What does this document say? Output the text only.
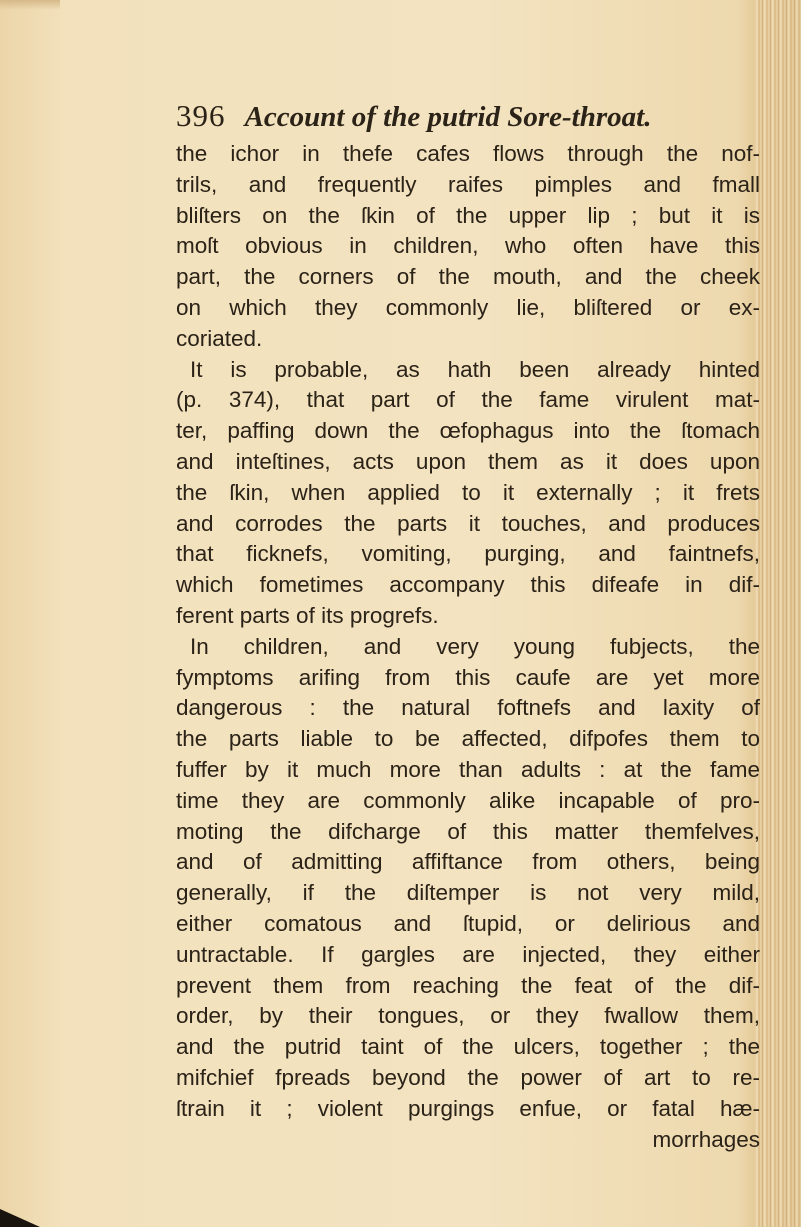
396 Account of the putrid Sore-throat.
the ichor in thefe cafes flows through the nof-
trils, and frequently raifes pimples and fmall
bliſters on the ſkin of the upper lip ; but it is
moſt obvious in children, who often have this
part, the corners of the mouth, and the cheek
on which they commonly lie, bliſtered or ex-
coriated.
It is probable, as hath been already hinted
(p. 374), that part of the fame virulent mat-
ter, paffing down the œfophagus into the ſtomach
and inteſtines, acts upon them as it does upon
the ſkin, when applied to it externally ; it frets
and corrodes the parts it touches, and produces
that ficknefs, vomiting, purging, and faintnefs,
which fometimes accompany this difeafe in dif-
ferent parts of its progrefs.
In children, and very young fubjects, the
fymptoms arifing from this caufe are yet more
dangerous : the natural foftnefs and laxity of
the parts liable to be affected, difpofes them to
fuffer by it much more than adults : at the fame
time they are commonly alike incapable of pro-
moting the difcharge of this matter themfelves,
and of admitting affiftance from others, being
generally, if the diſtemper is not very mild,
either comatous and ſtupid, or delirious and
untractable. If gargles are injected, they either
prevent them from reaching the feat of the dif-
order, by their tongues, or they fwallow them,
and the putrid taint of the ulcers, together ; the
mifchief fpreads beyond the power of art to re-
ſtrain it ; violent purgings enfue, or fatal hæ-
morrhages
